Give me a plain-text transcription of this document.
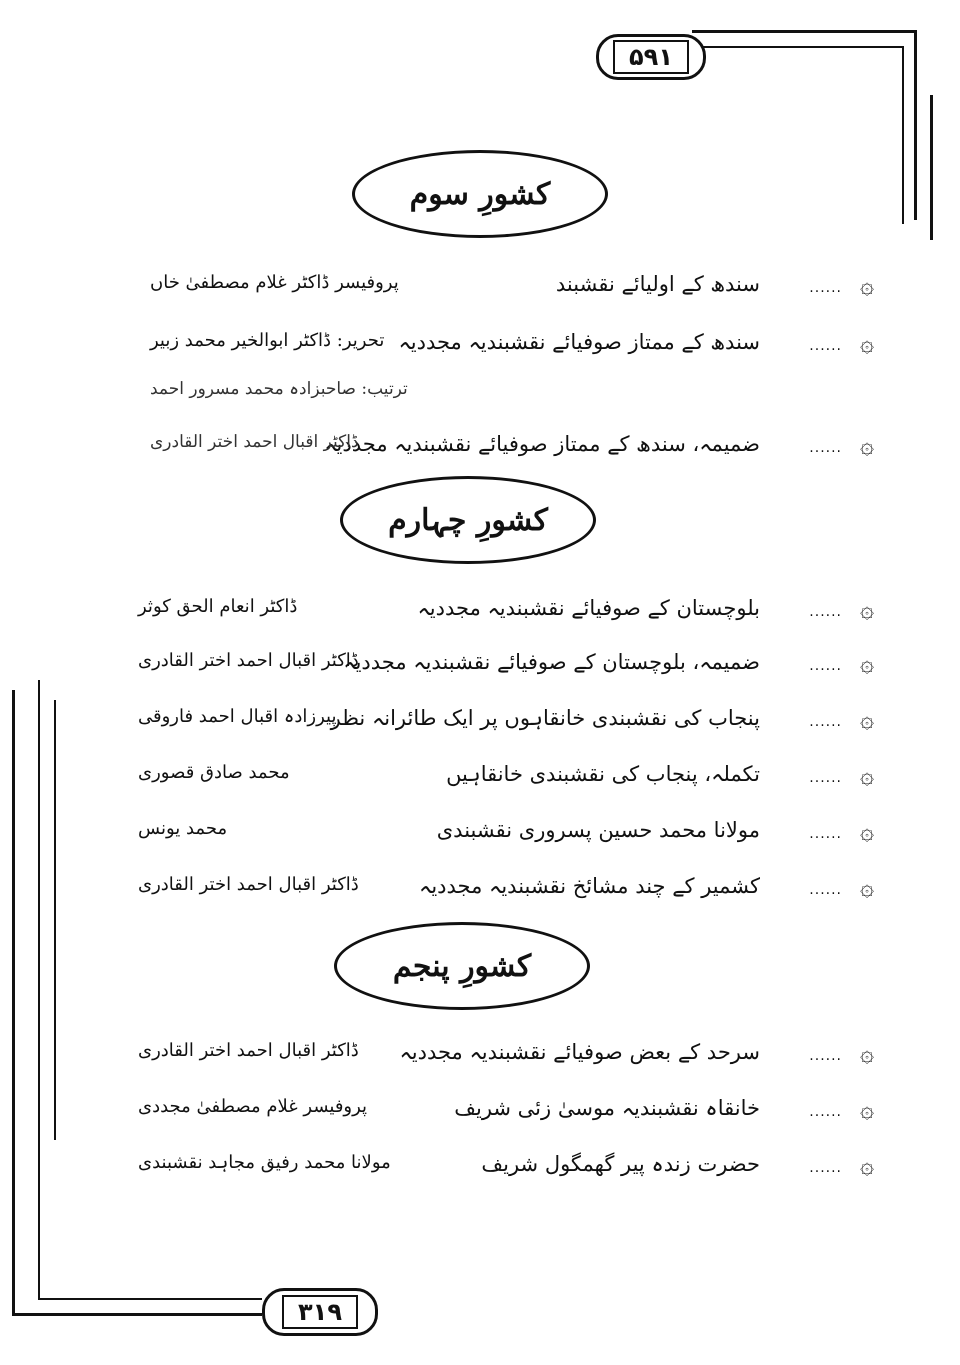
۵۹۱
۳۱۹
کشورِ سوم
۞
......
سندھ کے اولیائے نقشبند
پروفیسر ڈاکٹر غلام مصطفیٰ خاں
۞
......
سندھ کے ممتاز صوفیائے نقشبندیہ مجددیہ
تحریر: ڈاکٹر ابوالخیر محمد زبیر
ترتیب: صاحبزادہ محمد مسرور احمد
۞
......
ضمیمہ، سندھ کے ممتاز صوفیائے نقشبندیہ مجددیہ
ڈاکٹر اقبال احمد اختر القادری
کشورِ چہارم
۞
......
بلوچستان کے صوفیائے نقشبندیہ مجددیہ
ڈاکٹر انعام الحق کوثر
۞
......
ضمیمہ، بلوچستان کے صوفیائے نقشبندیہ مجددیہ
ڈاکٹر اقبال احمد اختر القادری
۞
......
پنجاب کی نقشبندی خانقاہوں پر ایک طائرانہ نظر
پیرزادہ اقبال احمد فاروقی
۞
......
تکملہ، پنجاب کی نقشبندی خانقاہیں
محمد صادق قصوری
۞
......
مولانا محمد حسین پسروری نقشبندی
محمد یونس
۞
......
کشمیر کے چند مشائخ نقشبندیہ مجددیہ
ڈاکٹر اقبال احمد اختر القادری
کشورِ پنجم
۞
......
سرحد کے بعض صوفیائے نقشبندیہ مجددیہ
ڈاکٹر اقبال احمد اختر القادری
۞
......
خانقاہ نقشبندیہ موسیٰ زئی شریف
پروفیسر غلام مصطفیٰ مجددی
۞
......
حضرت زندہ پیر گھمگول شریف
مولانا محمد رفیق مجاہد نقشبندی
